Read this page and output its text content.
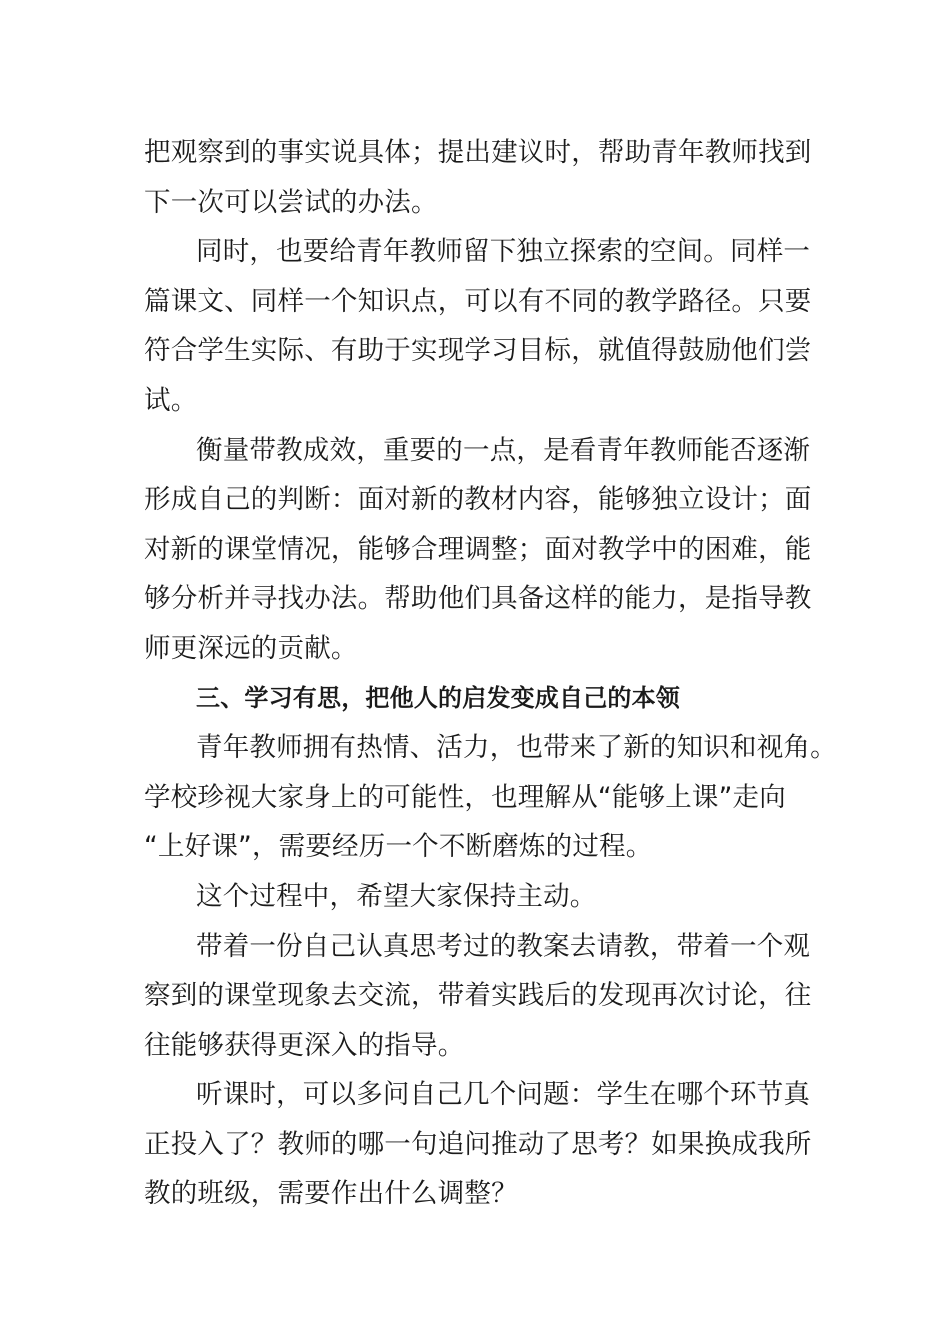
把观察到的事实说具体；提出建议时，帮助青年教师找到
下一次可以尝试的办法。
同时，也要给青年教师留下独立探索的空间。同样一
篇课文、同样一个知识点，可以有不同的教学路径。只要
符合学生实际、有助于实现学习目标，就值得鼓励他们尝
试。
衡量带教成效，重要的一点，是看青年教师能否逐渐
形成自己的判断：面对新的教材内容，能够独立设计；面
对新的课堂情况，能够合理调整；面对教学中的困难，能
够分析并寻找办法。帮助他们具备这样的能力，是指导教
师更深远的贡献。
三、学习有思，把他人的启发变成自己的本领
青年教师拥有热情、活力，也带来了新的知识和视角。
学校珍视大家身上的可能性，也理解从“能够上课”走向
“上好课”，需要经历一个不断磨炼的过程。
这个过程中，希望大家保持主动。
带着一份自己认真思考过的教案去请教，带着一个观
察到的课堂现象去交流，带着实践后的发现再次讨论，往
往能够获得更深入的指导。
听课时，可以多问自己几个问题：学生在哪个环节真
正投入了？教师的哪一句追问推动了思考？如果换成我所
教的班级，需要作出什么调整？
